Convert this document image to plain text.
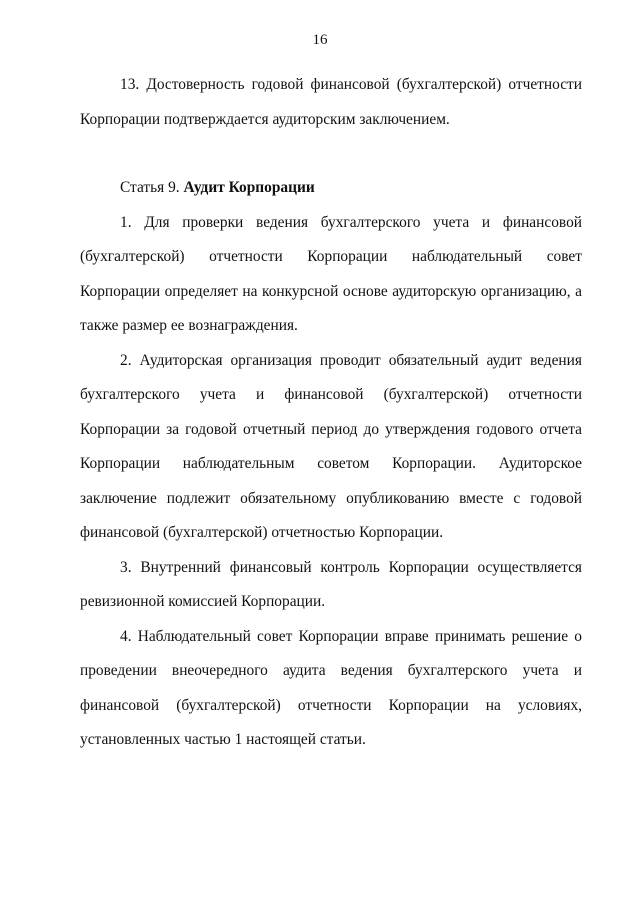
16

13. Достоверность годовой финансовой (бухгалтерской) отчетности Корпорации подтверждается аудиторским заключением.

Статья 9. Аудит Корпорации

1. Для проверки ведения бухгалтерского учета и финансовой (бухгалтерской) отчетности Корпорации наблюдательный совет Корпорации определяет на конкурсной основе аудиторскую организацию, а также размер ее вознаграждения.

2. Аудиторская организация проводит обязательный аудит ведения бухгалтерского учета и финансовой (бухгалтерской) отчетности Корпорации за годовой отчетный период до утверждения годового отчета Корпорации наблюдательным советом Корпорации. Аудиторское заключение подлежит обязательному опубликованию вместе с годовой финансовой (бухгалтерской) отчетностью Корпорации.

3. Внутренний финансовый контроль Корпорации осуществляется ревизионной комиссией Корпорации.

4. Наблюдательный совет Корпорации вправе принимать решение о проведении внеочередного аудита ведения бухгалтерского учета и финансовой (бухгалтерской) отчетности Корпорации на условиях, установленных частью 1 настоящей статьи.
